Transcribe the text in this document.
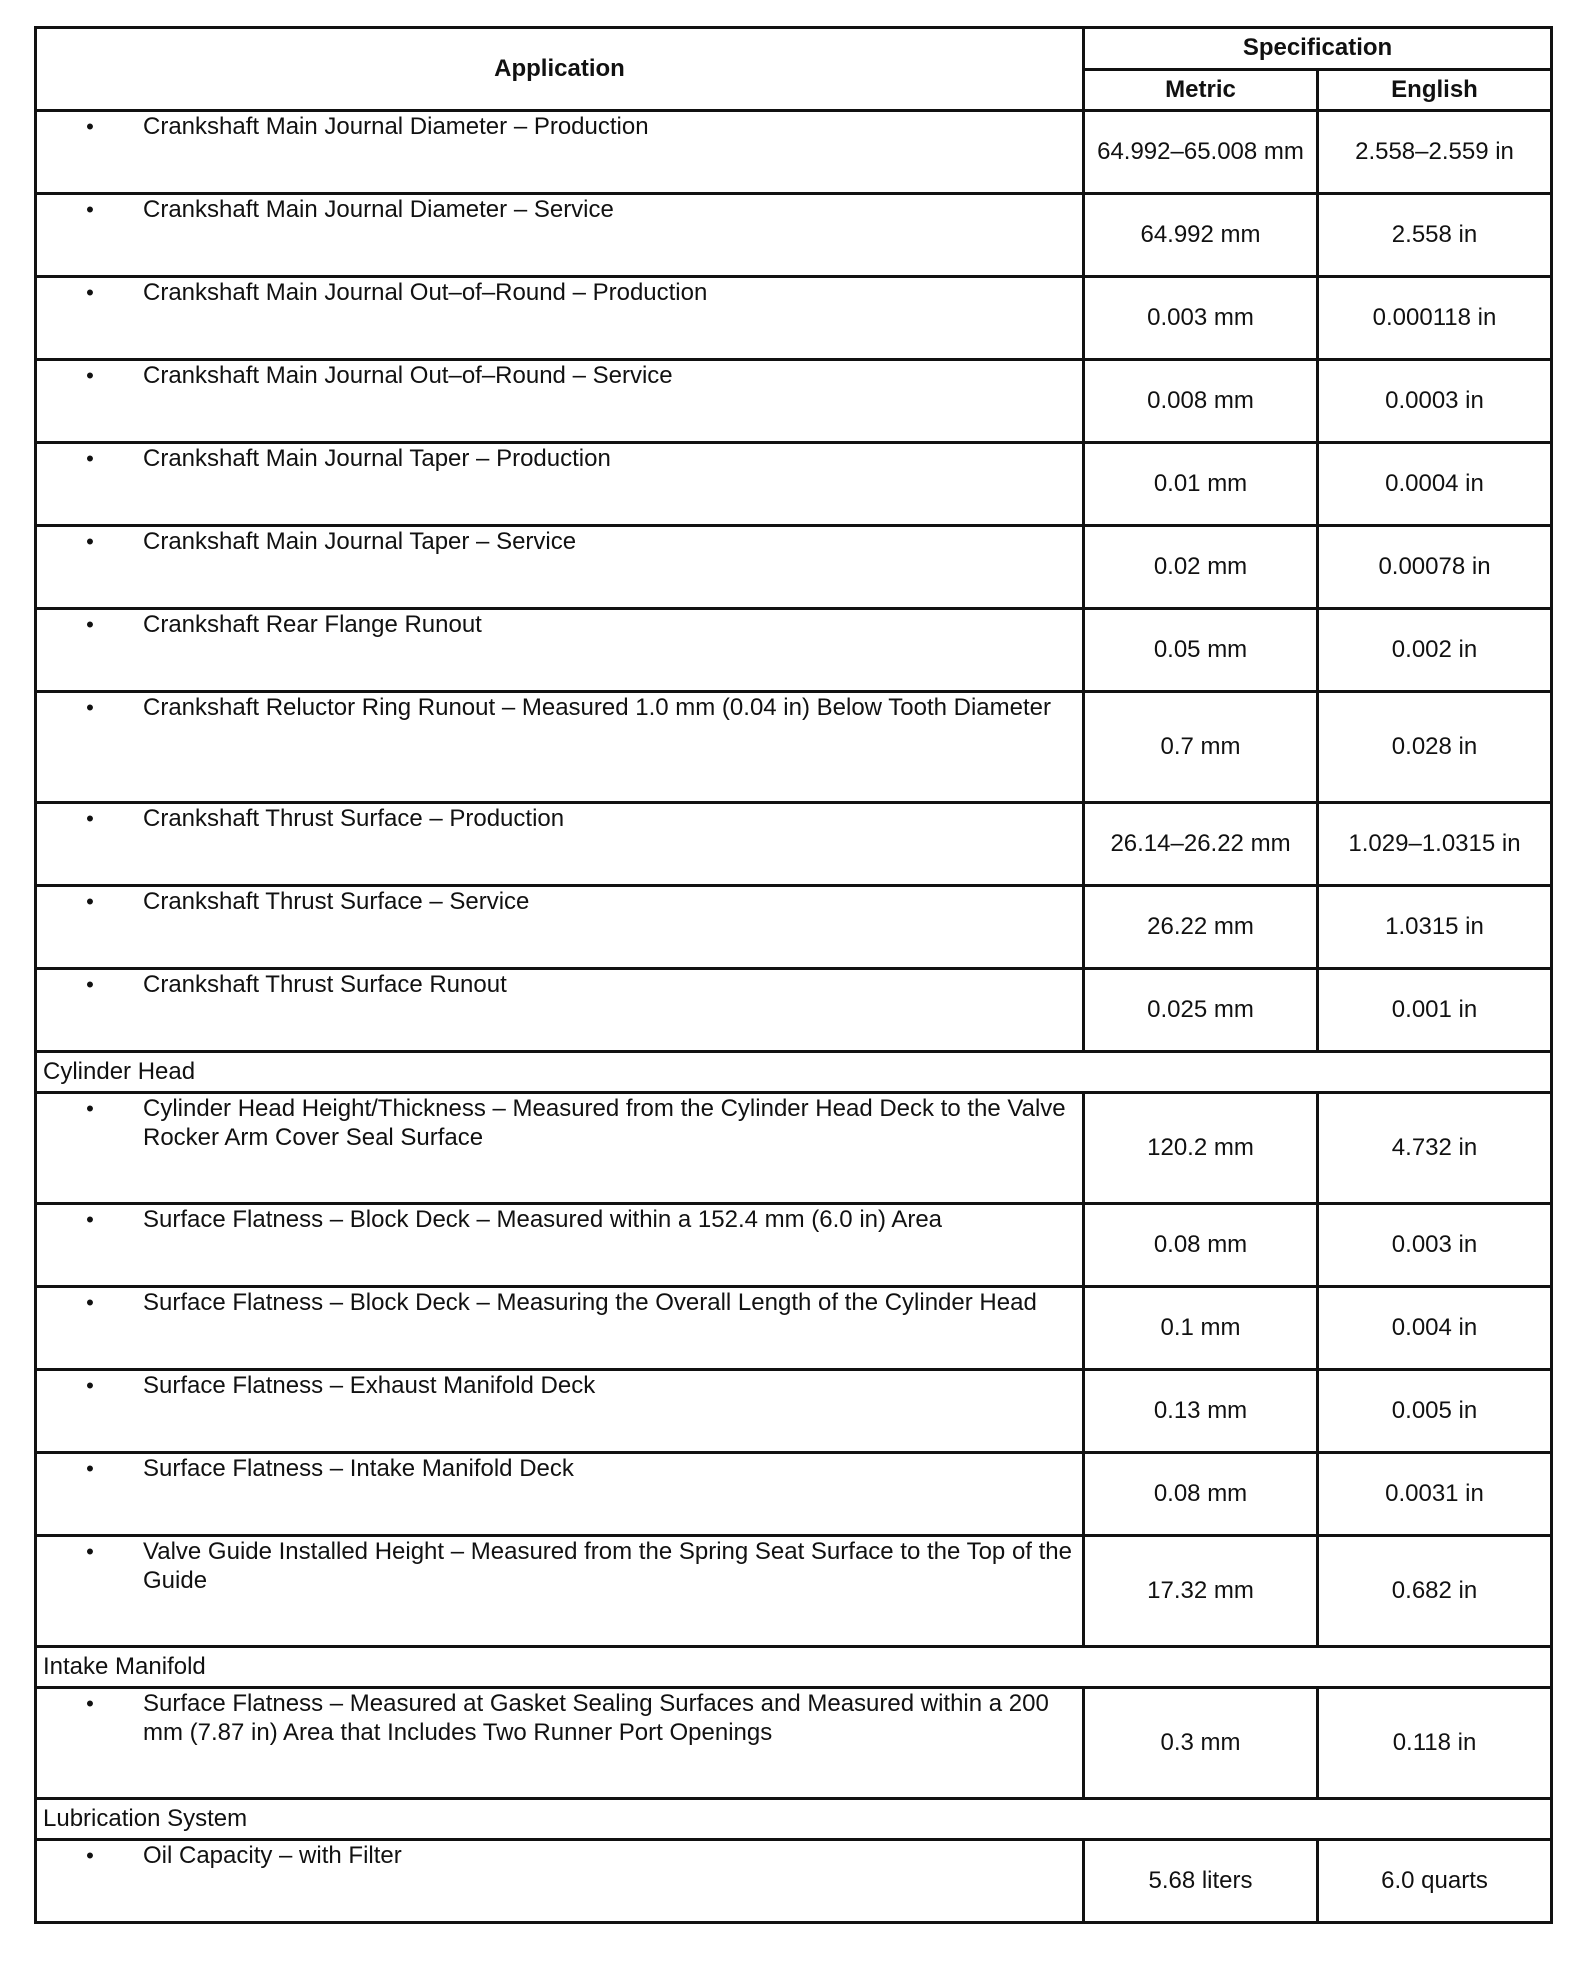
Application	Specification	
	Metric	English

• Crankshaft Main Journal Diameter – Production	64.992–65.008 mm	2.558–2.559 in

• Crankshaft Main Journal Diameter – Service	64.992 mm	2.558 in

• Crankshaft Main Journal Out–of–Round – Production	0.003 mm	0.000118 in

• Crankshaft Main Journal Out–of–Round – Service	0.008 mm	0.0003 in

• Crankshaft Main Journal Taper – Production	0.01 mm	0.0004 in

• Crankshaft Main Journal Taper – Service	0.02 mm	0.00078 in

• Crankshaft Rear Flange Runout	0.05 mm	0.002 in

• Crankshaft Reluctor Ring Runout – Measured 1.0 mm (0.04 in) Below Tooth Diameter	0.7 mm	0.028 in

• Crankshaft Thrust Surface – Production	26.14–26.22 mm	1.029–1.0315 in

• Crankshaft Thrust Surface – Service	26.22 mm	1.0315 in

• Crankshaft Thrust Surface Runout	0.025 mm	0.001 in
Cylinder Head		

• Cylinder Head Height/Thickness – Measured from the Cylinder Head Deck to the Valve Rocker Arm Cover Seal Surface	120.2 mm	4.732 in

• Surface Flatness – Block Deck – Measured within a 152.4 mm (6.0 in) Area	0.08 mm	0.003 in

• Surface Flatness – Block Deck – Measuring the Overall Length of the Cylinder Head	0.1 mm	0.004 in

• Surface Flatness – Exhaust Manifold Deck	0.13 mm	0.005 in

• Surface Flatness – Intake Manifold Deck	0.08 mm	0.0031 in

• Valve Guide Installed Height – Measured from the Spring Seat Surface to the Top of the Guide	17.32 mm	0.682 in
Intake Manifold		

• Surface Flatness – Measured at Gasket Sealing Surfaces and Measured within a 200 mm (7.87 in) Area that Includes Two Runner Port Openings	0.3 mm	0.118 in
Lubrication System		

• Oil Capacity – with Filter	5.68 liters	6.0 quarts
